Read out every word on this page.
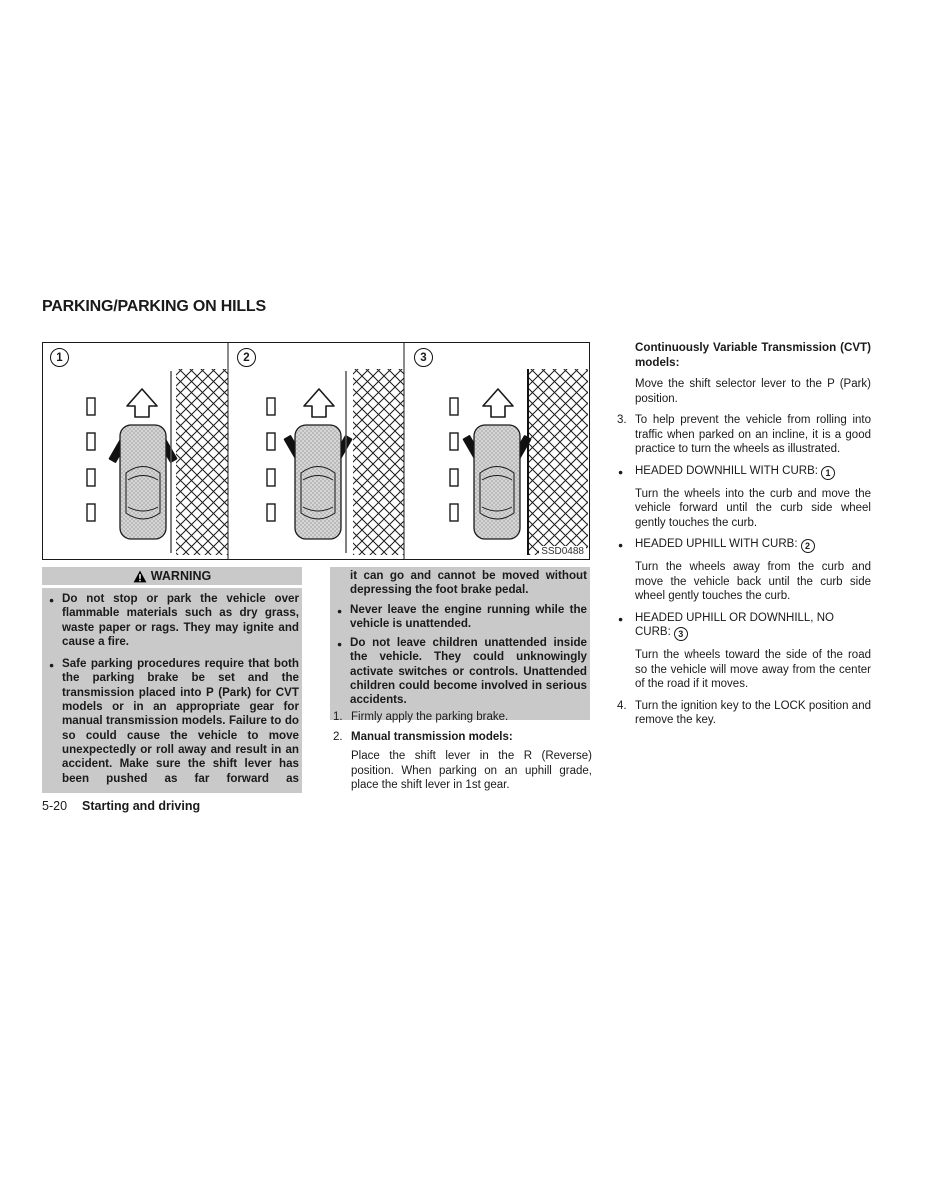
PARKING/PARKING ON HILLS
1	2	3
SSD0488
WARNING
● Do not stop or park the vehicle over flammable materials such as dry grass, waste paper or rags. They may ignite and cause a fire.
● Safe parking procedures require that both the parking brake be set and the transmission placed into P (Park) for CVT models or in an appropriate gear for manual transmission models. Failure to do so could cause the vehicle to move unexpectedly or roll away and result in an accident. Make sure the shift lever has been pushed as far forward as
it can go and cannot be moved without depressing the foot brake pedal.
● Never leave the engine running while the vehicle is unattended.
● Do not leave children unattended inside the vehicle. They could unknowingly activate switches or controls. Unattended children could become involved in serious accidents.
1. Firmly apply the parking brake.
2. Manual transmission models:
Place the shift lever in the R (Reverse) position. When parking on an uphill grade, place the shift lever in 1st gear.
Continuously Variable Transmission (CVT) models:
Move the shift selector lever to the P (Park) position.
3. To help prevent the vehicle from rolling into traffic when parked on an incline, it is a good practice to turn the wheels as illustrated.
● HEADED DOWNHILL WITH CURB: 1
Turn the wheels into the curb and move the vehicle forward until the curb side wheel gently touches the curb.
● HEADED UPHILL WITH CURB: 2
Turn the wheels away from the curb and move the vehicle back until the curb side wheel gently touches the curb.
● HEADED UPHILL OR DOWNHILL, NO CURB: 3
Turn the wheels toward the side of the road so the vehicle will move away from the center of the road if it moves.
4. Turn the ignition key to the LOCK position and remove the key.
5-20 Starting and driving
